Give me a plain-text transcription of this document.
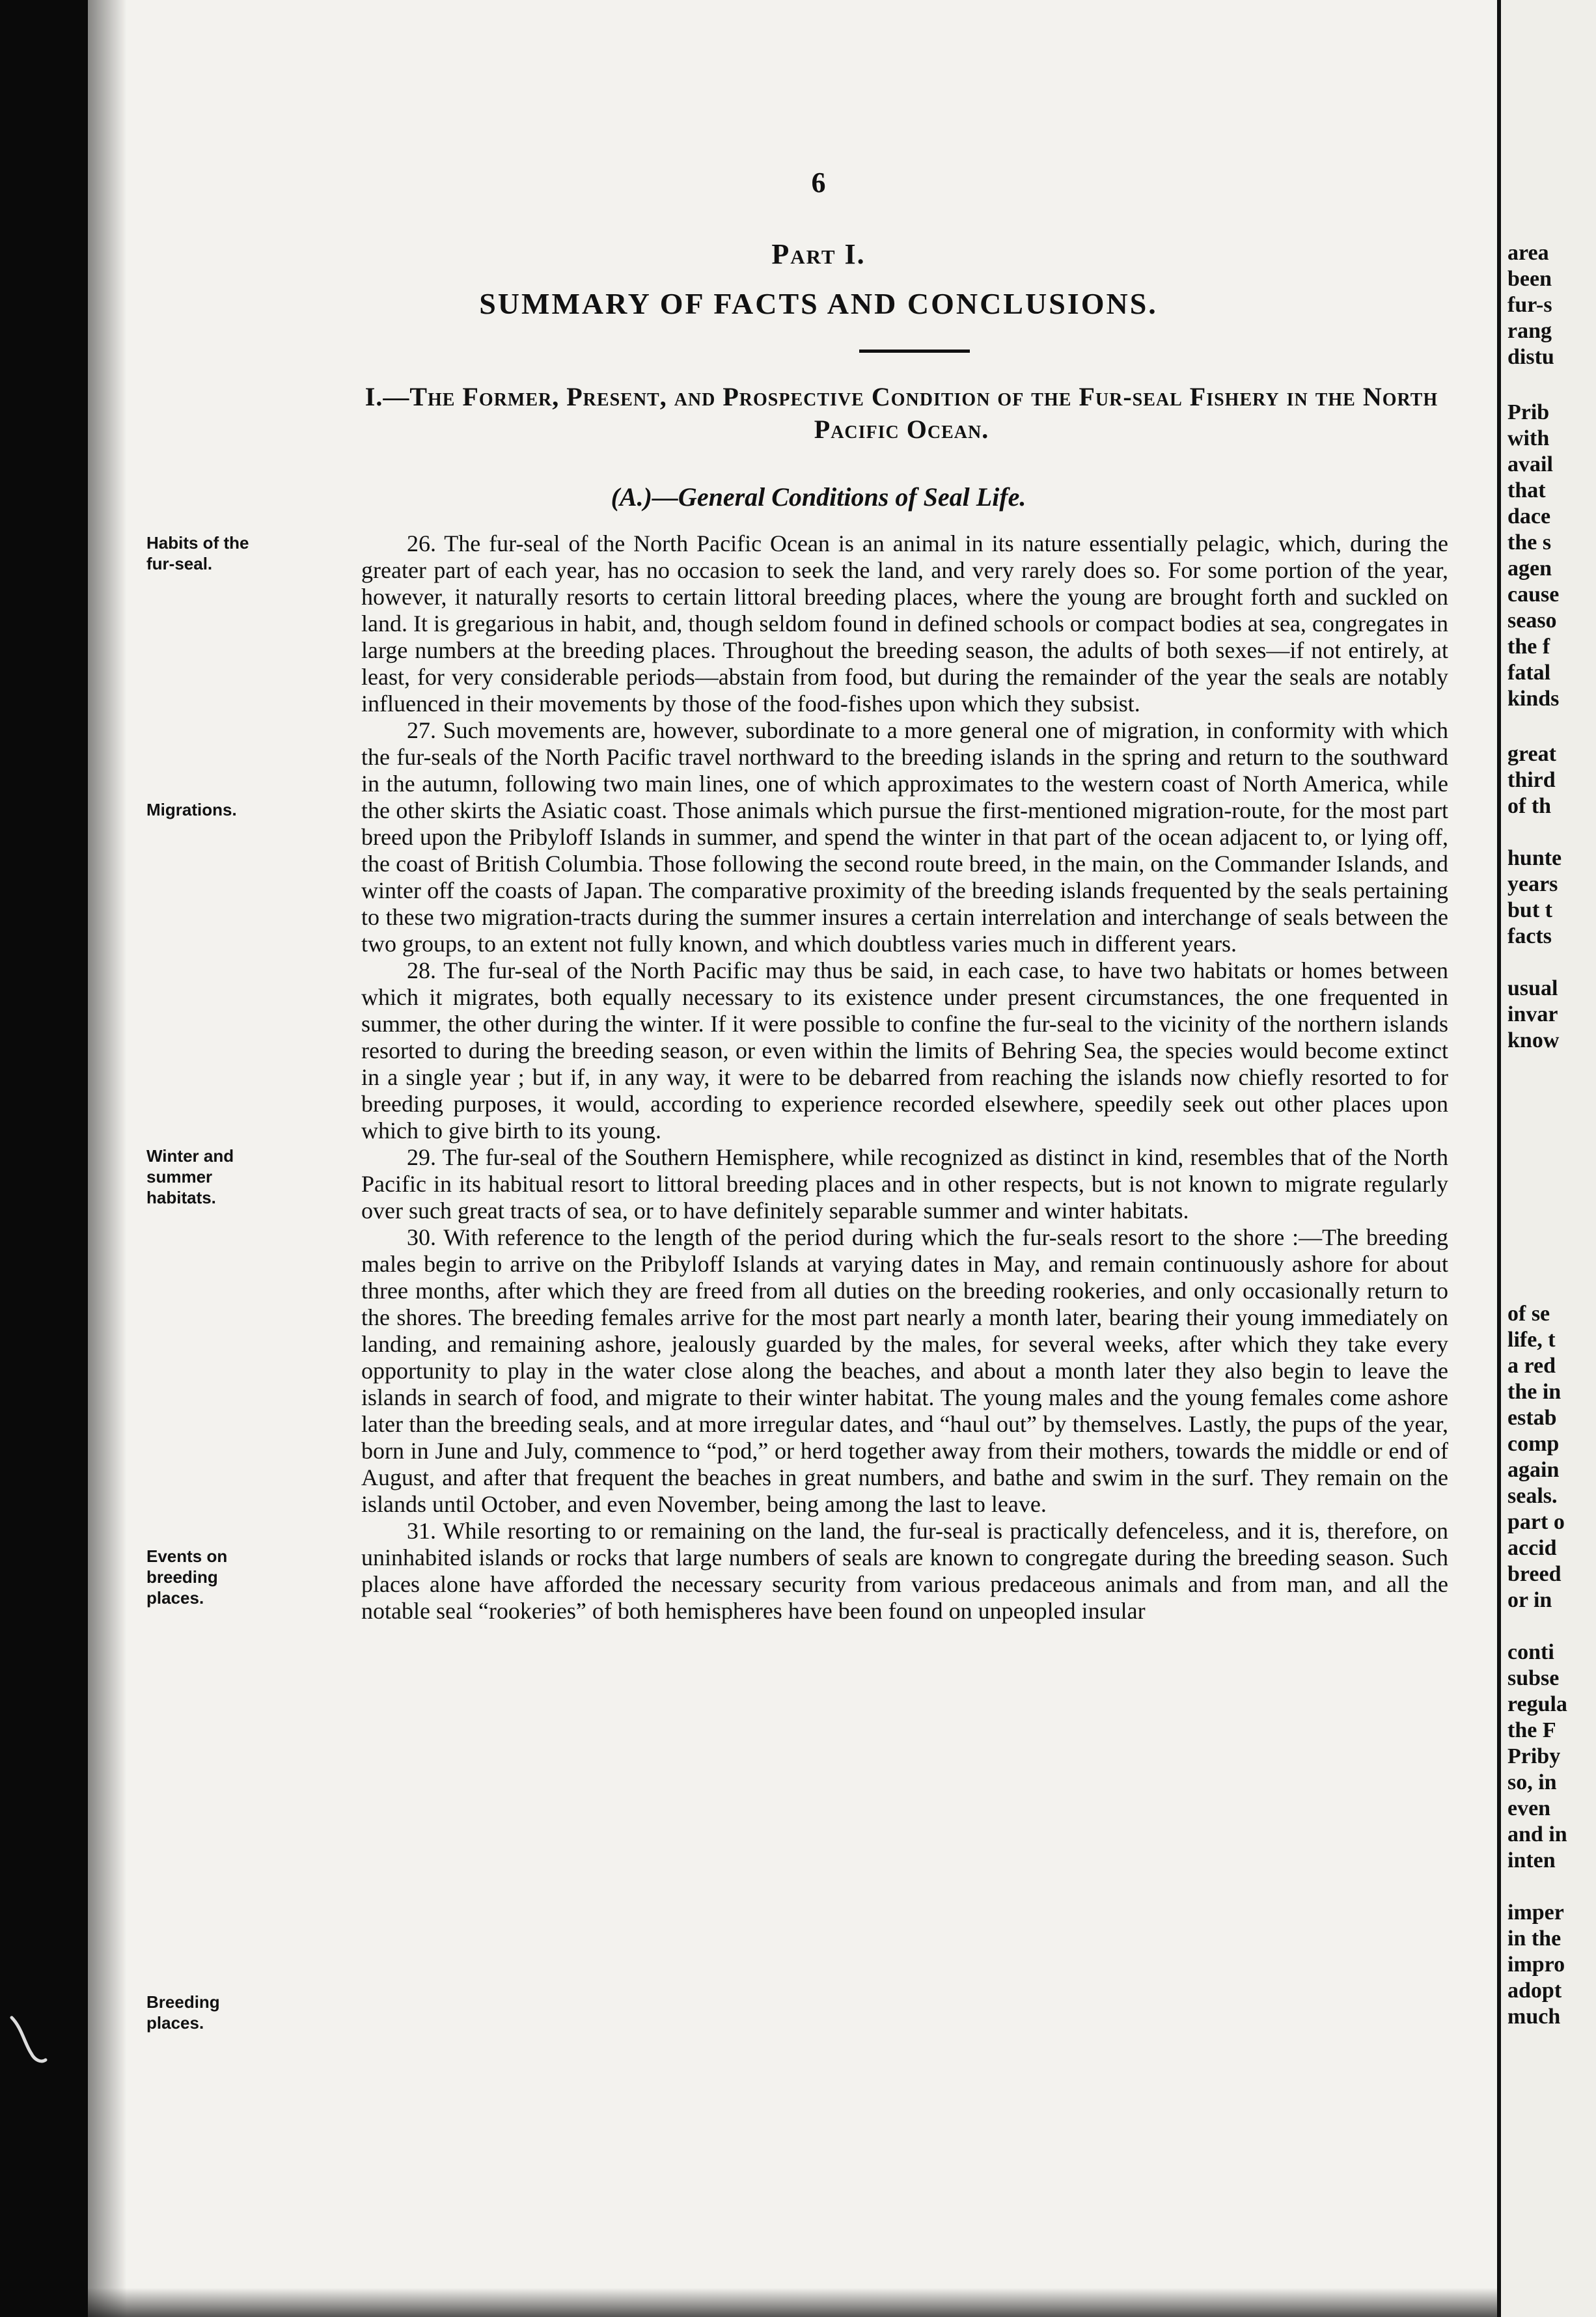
6
Part I.
SUMMARY OF FACTS AND CONCLUSIONS.
I.—The Former, Present, and Prospective Condition of the Fur-seal Fishery in the North Pacific Ocean.
(A.)—General Conditions of Seal Life.
Habits of the fur-seal.
Migrations.
Winter and summer habitats.
Events on breeding places.
Breeding places.

26. The fur-seal of the North Pacific Ocean is an animal in its nature essentially pelagic, which, during the greater part of each year, has no occasion to seek the land, and very rarely does so. For some portion of the year, however, it naturally resorts to certain littoral breeding places, where the young are brought forth and suckled on land. It is gregarious in habit, and, though seldom found in defined schools or compact bodies at sea, congregates in large numbers at the breeding places. Throughout the breeding season, the adults of both sexes—if not entirely, at least, for very considerable periods—abstain from food, but during the remainder of the year the seals are notably influenced in their movements by those of the food-fishes upon which they subsist.

27. Such movements are, however, subordinate to a more general one of migration, in conformity with which the fur-seals of the North Pacific travel northward to the breeding islands in the spring and return to the southward in the autumn, following two main lines, one of which approximates to the western coast of North America, while the other skirts the Asiatic coast. Those animals which pursue the first-mentioned migration-route, for the most part breed upon the Pribyloff Islands in summer, and spend the winter in that part of the ocean adjacent to, or lying off, the coast of British Columbia. Those following the second route breed, in the main, on the Commander Islands, and winter off the coasts of Japan. The comparative proximity of the breeding islands frequented by the seals pertaining to these two migration-tracts during the summer insures a certain interrelation and interchange of seals between the two groups, to an extent not fully known, and which doubtless varies much in different years.

28. The fur-seal of the North Pacific may thus be said, in each case, to have two habitats or homes between which it migrates, both equally necessary to its existence under present circumstances, the one frequented in summer, the other during the winter. If it were possible to confine the fur-seal to the vicinity of the northern islands resorted to during the breeding season, or even within the limits of Behring Sea, the species would become extinct in a single year ; but if, in any way, it were to be debarred from reaching the islands now chiefly resorted to for breeding purposes, it would, according to experience recorded elsewhere, speedily seek out other places upon which to give birth to its young.

29. The fur-seal of the Southern Hemisphere, while recognized as distinct in kind, resembles that of the North Pacific in its habitual resort to littoral breeding places and in other respects, but is not known to migrate regularly over such great tracts of sea, or to have definitely separable summer and winter habitats.

30. With reference to the length of the period during which the fur-seals resort to the shore :—The breeding males begin to arrive on the Pribyloff Islands at varying dates in May, and remain continuously ashore for about three months, after which they are freed from all duties on the breeding rookeries, and only occasionally return to the shores. The breeding females arrive for the most part nearly a month later, bearing their young immediately on landing, and remaining ashore, jealously guarded by the males, for several weeks, after which they take every opportunity to play in the water close along the beaches, and about a month later they also begin to leave the islands in search of food, and migrate to their winter habitat. The young males and the young females come ashore later than the breeding seals, and at more irregular dates, and “haul out” by themselves. Lastly, the pups of the year, born in June and July, commence to “pod,” or herd together away from their mothers, towards the middle or end of August, and after that frequent the beaches in great numbers, and bathe and swim in the surf. They remain on the islands until October, and even November, being among the last to leave.

31. While resorting to or remaining on the land, the fur-seal is practically defenceless, and it is, therefore, on uninhabited islands or rocks that large numbers of seals are known to congregate during the breeding season. Such places alone have afforded the necessary security from various predaceous animals and from man, and all the notable seal “rookeries” of both hemispheres have been found on unpeopled insular

area
been
fur-s
rang
distu
Prib
with
avail
that
dace
the s
agen
cause
seaso
the f
fatal
kinds
great
third
of th
hunte
years
but t
facts
usual
invar
know
of se
life, t
a red
the in
estab
comp
again
seals.
part o
accid
breed
or in
conti
subse
regula
the F
Priby
so, in
even
and in
inten
imper
in the
impro
adopt
much
